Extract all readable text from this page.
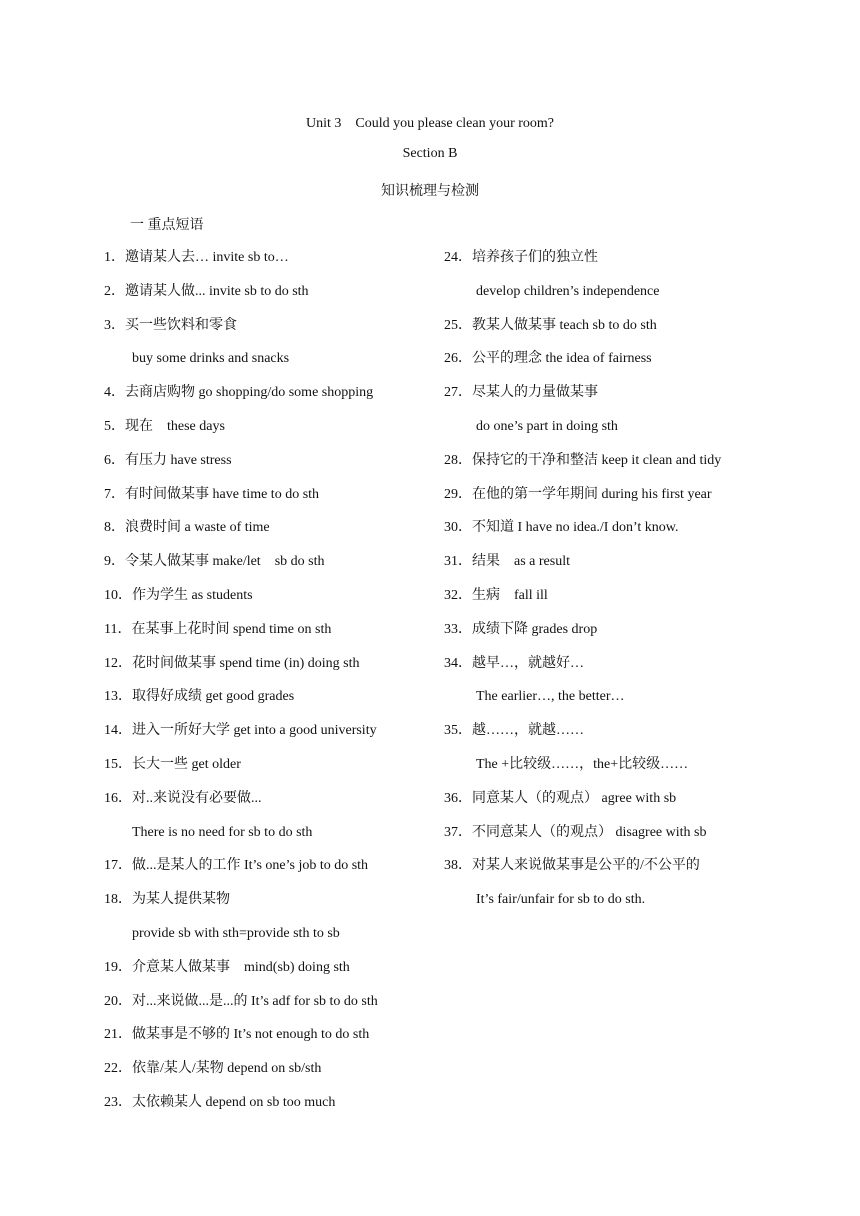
Unit 3　Could you please clean your room?
Section B
知识梳理与检测
一 重点短语
1．邀请某人去… invite sb to…
2．邀请某人做... invite sb to do sth
3．买一些饮料和零食
buy some drinks and snacks
4．去商店购物 go shopping/do some shopping
5．现在　these days
6．有压力 have stress
7．有时间做某事 have time to do sth
8．浪费时间 a waste of time
9．令某人做某事 make/let　sb do sth
10．作为学生 as students
11．在某事上花时间 spend time on sth
12．花时间做某事 spend time (in) doing sth
13．取得好成绩 get good grades
14．进入一所好大学 get into a good university
15．长大一些 get older
16．对..来说没有必要做...
There is no need for sb to do sth
17．做...是某人的工作 It’s one’s job to do sth
18．为某人提供某物
provide sb with sth=provide sth to sb
19．介意某人做某事　mind(sb) doing sth
20．对...来说做...是...的 It’s adf for sb to do sth
21．做某事是不够的 It’s not enough to do sth
22．依靠/某人/某物 depend on sb/sth
23．太依赖某人 depend on sb too much
24．培养孩子们的独立性
develop children’s independence
25．教某人做某事 teach sb to do sth
26．公平的理念 the idea of fairness
27．尽某人的力量做某事
do one’s part in doing sth
28．保持它的干净和整洁 keep it clean and tidy
29．在他的第一学年期间 during his first year
30．不知道 I have no idea./I don’t know.
31．结果　as a result
32．生病　fall ill
33．成绩下降 grades drop
34．越早…，就越好…
The earlier…, the better…
35．越……，就越……
The +比较级……，the+比较级……
36．同意某人（的观点） agree with sb
37．不同意某人（的观点） disagree with sb
38．对某人来说做某事是公平的/不公平的
It’s fair/unfair for sb to do sth.
